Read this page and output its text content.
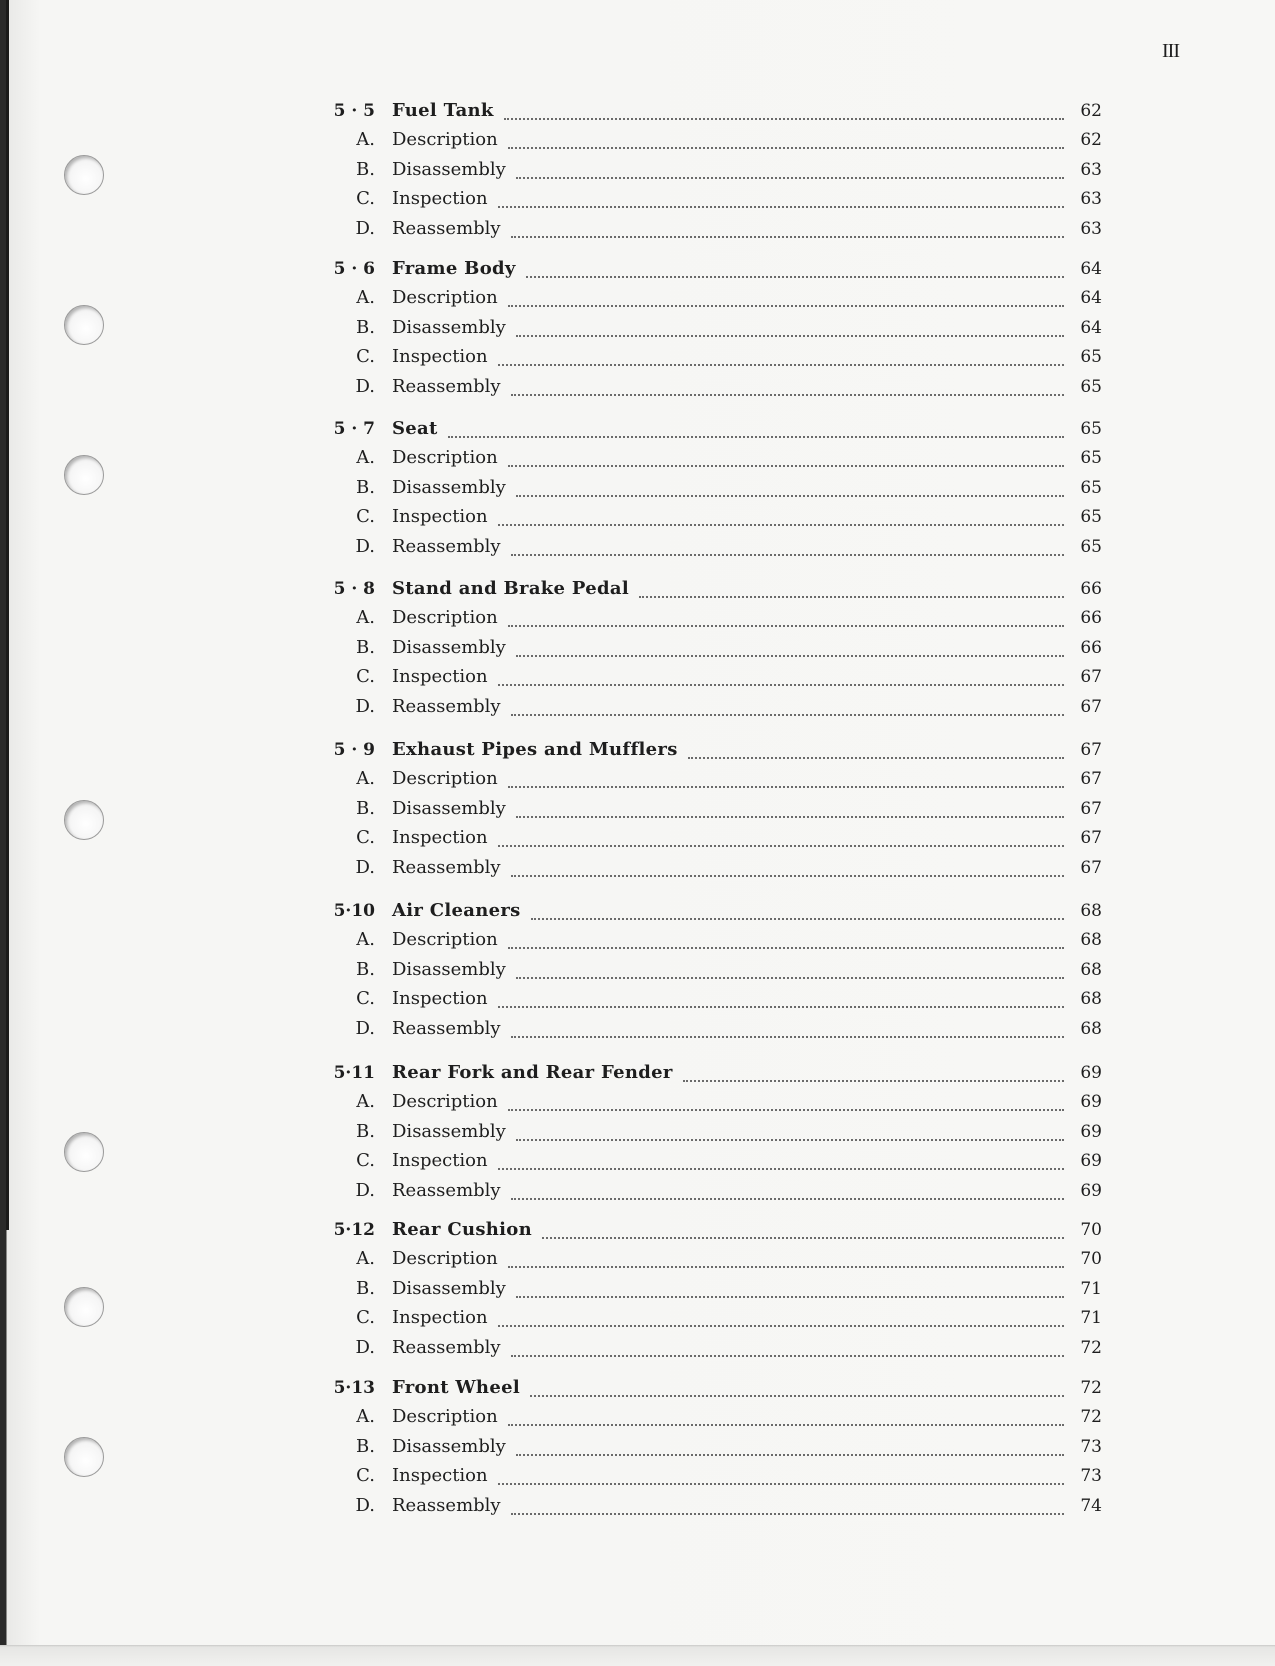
III
5 · 5 Fuel Tank	62
A. Description	62
B. Disassembly	63
C. Inspection	63
D. Reassembly	63
5 · 6 Frame Body	64
A. Description	64
B. Disassembly	64
C. Inspection	65
D. Reassembly	65
5 · 7 Seat	65
A. Description	65
B. Disassembly	65
C. Inspection	65
D. Reassembly	65
5 · 8 Stand and Brake Pedal	66
A. Description	66
B. Disassembly	66
C. Inspection	67
D. Reassembly	67
5 · 9 Exhaust Pipes and Mufflers	67
A. Description	67
B. Disassembly	67
C. Inspection	67
D. Reassembly	67
5·10 Air Cleaners	68
A. Description	68
B. Disassembly	68
C. Inspection	68
D. Reassembly	68
5·11 Rear Fork and Rear Fender	69
A. Description	69
B. Disassembly	69
C. Inspection	69
D. Reassembly	69
5·12 Rear Cushion	70
A. Description	70
B. Disassembly	71
C. Inspection	71
D. Reassembly	72
5·13 Front Wheel	72
A. Description	72
B. Disassembly	73
C. Inspection	73
D. Reassembly	74
